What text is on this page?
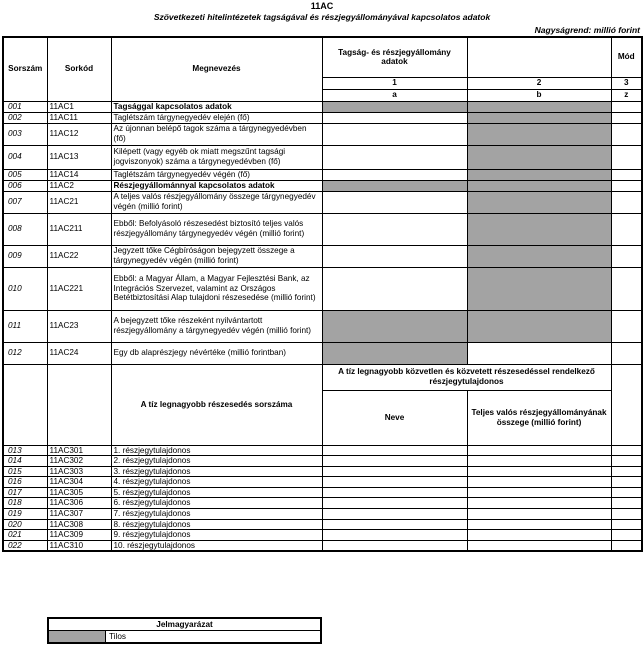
11AC
Szövetkezeti hitelintézetek tagságával és részjegyállományával kapcsolatos adatok
Nagyságrend: millió forint
Sorszám	Sorkód	Megnevezés	Tagság- és részjegyállomány adatok		Mód
			1	2	3
			a	b	z
001	11AC1	Tagsággal kapcsolatos adatok			
002	11AC11	Taglétszám tárgynegyedév elején (fő)			
003	11AC12	Az újonnan belépő tagok száma a tárgynegyedévben (fő)			
004	11AC13	Kilépett (vagy egyéb ok miatt megszűnt tagsági jogviszonyok) száma a tárgynegyedévben (fő)			
005	11AC14	Taglétszám tárgynegyedév végén (fő)			
006	11AC2	Részjegyállománnyal kapcsolatos adatok			
007	11AC21	A teljes valós részjegyállomány összege tárgynegyedév végén (millió forint)			
008	11AC211	Ebből: Befolyásoló részesedést biztosító teljes valós részjegyállomány tárgynegyedév végén (millió forint)			
009	11AC22	Jegyzett tőke Cégbíróságon bejegyzett összege a tárgynegyedév végén (millió forint)			
010	11AC221	Ebből: a Magyar Állam, a Magyar Fejlesztési Bank, az Integrációs Szervezet, valamint az Országos Betétbiztosítási Alap tulajdoni részesedése (millió forint)			
011	11AC23	A bejegyzett tőke részeként nyilvántartott részjegyállomány a tárgynegyedév végén (millió forint)			
012	11AC24	Egy db alaprészjegy névértéke (millió forintban)			
		A tíz legnagyobb részesedés sorszáma	A tíz legnagyobb közvetlen és közvetett részesedéssel rendelkező részjegytulajdonos		
			Neve	Teljes valós részjegyállományának összege (millió forint)	
013	11AC301	1. részjegytulajdonos			
014	11AC302	2. részjegytulajdonos			
015	11AC303	3. részjegytulajdonos			
016	11AC304	4. részjegytulajdonos			
017	11AC305	5. részjegytulajdonos			
018	11AC306	6. részjegytulajdonos			
019	11AC307	7. részjegytulajdonos			
020	11AC308	8. részjegytulajdonos			
021	11AC309	9. részjegytulajdonos			
022	11AC310	10. részjegytulajdonos			
Jelmagyarázat
	Tilos
